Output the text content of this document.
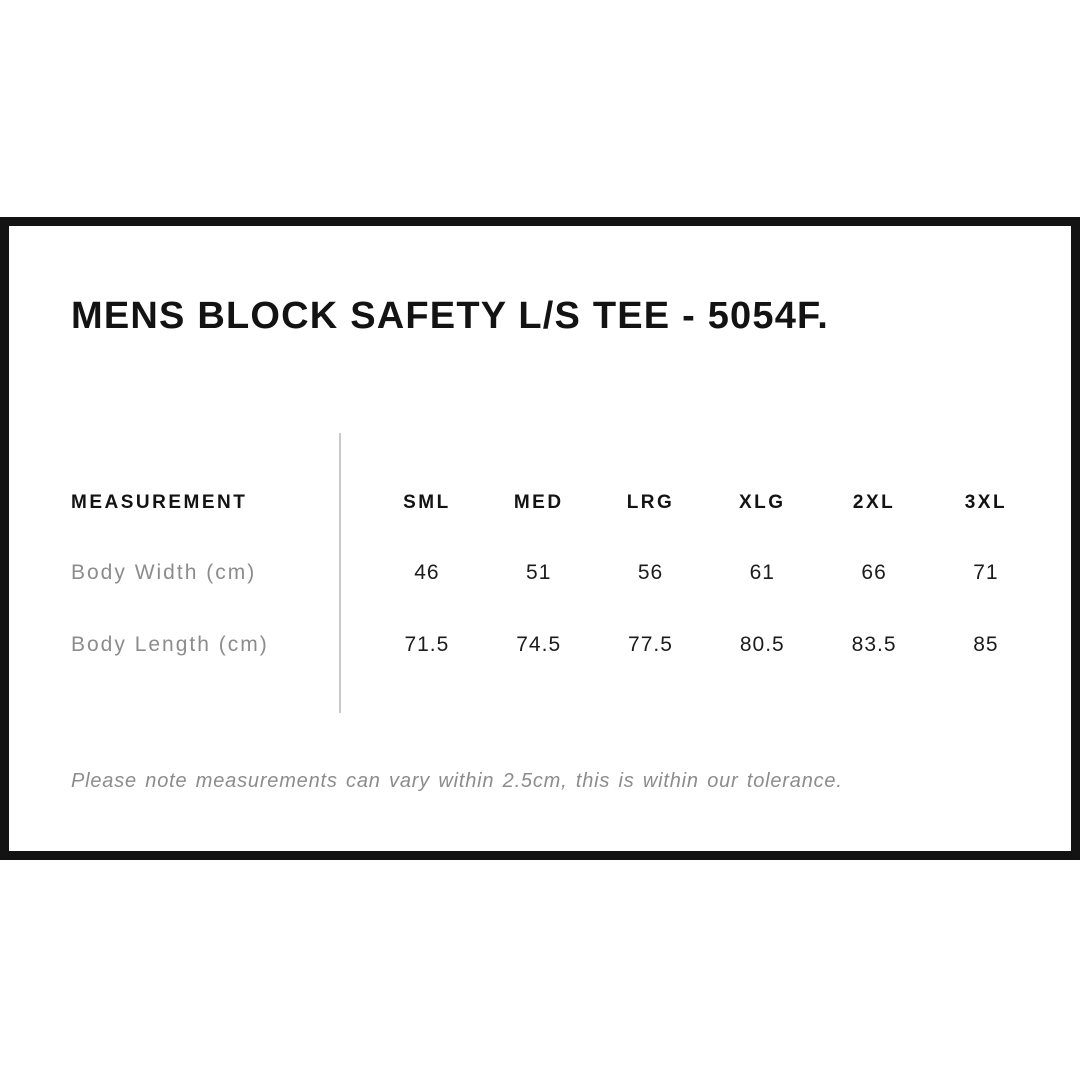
MENS BLOCK SAFETY L/S TEE - 5054F.
MEASUREMENT	SML	MED	LRG	XLG	2XL	3XL
Body Width (cm)	46	51	56	61	66	71
Body Length (cm)	71.5	74.5	77.5	80.5	83.5	85

Please note measurements can vary within 2.5cm, this is within our tolerance.
